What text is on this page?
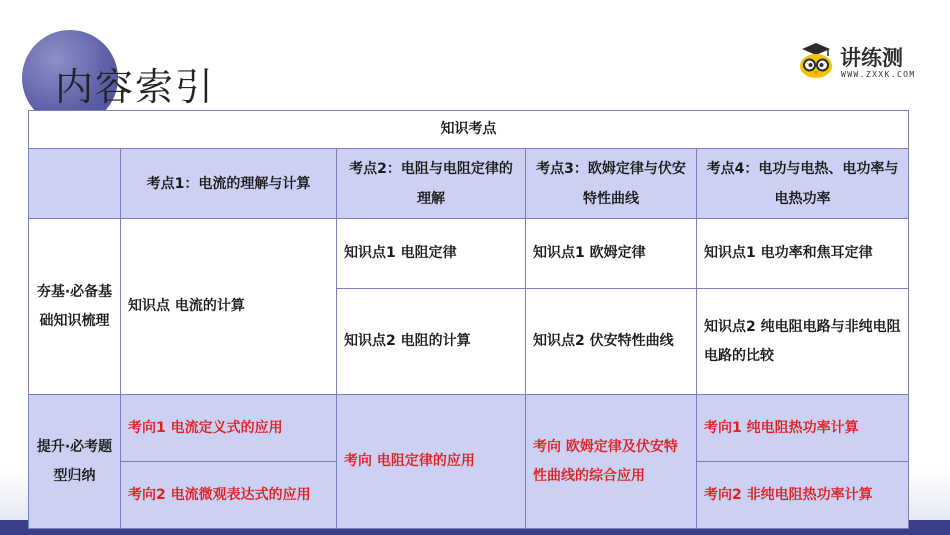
内容索引
讲练测
WWW.ZXXK.COM
知识考点				
	考点1：电流的理解与计算	考点2：电阻与电阻定律的理解	考点3：欧姆定律与伏安特性曲线	考点4：电功与电热、电功率与电热功率
夯基·必备基础知识梳理	知识点 电流的计算	知识点1 电阻定律	知识点1 欧姆定律	知识点1 电功率和焦耳定律
		知识点2 电阻的计算	知识点2 伏安特性曲线	知识点2 纯电阻电路与非纯电阻电路的比较
提升·必考题型归纳	考向1 电流定义式的应用	考向 电阻定律的应用	考向 欧姆定律及伏安特性曲线的综合应用	考向1 纯电阻热功率计算
	考向2 电流微观表达式的应用			考向2 非纯电阻热功率计算
